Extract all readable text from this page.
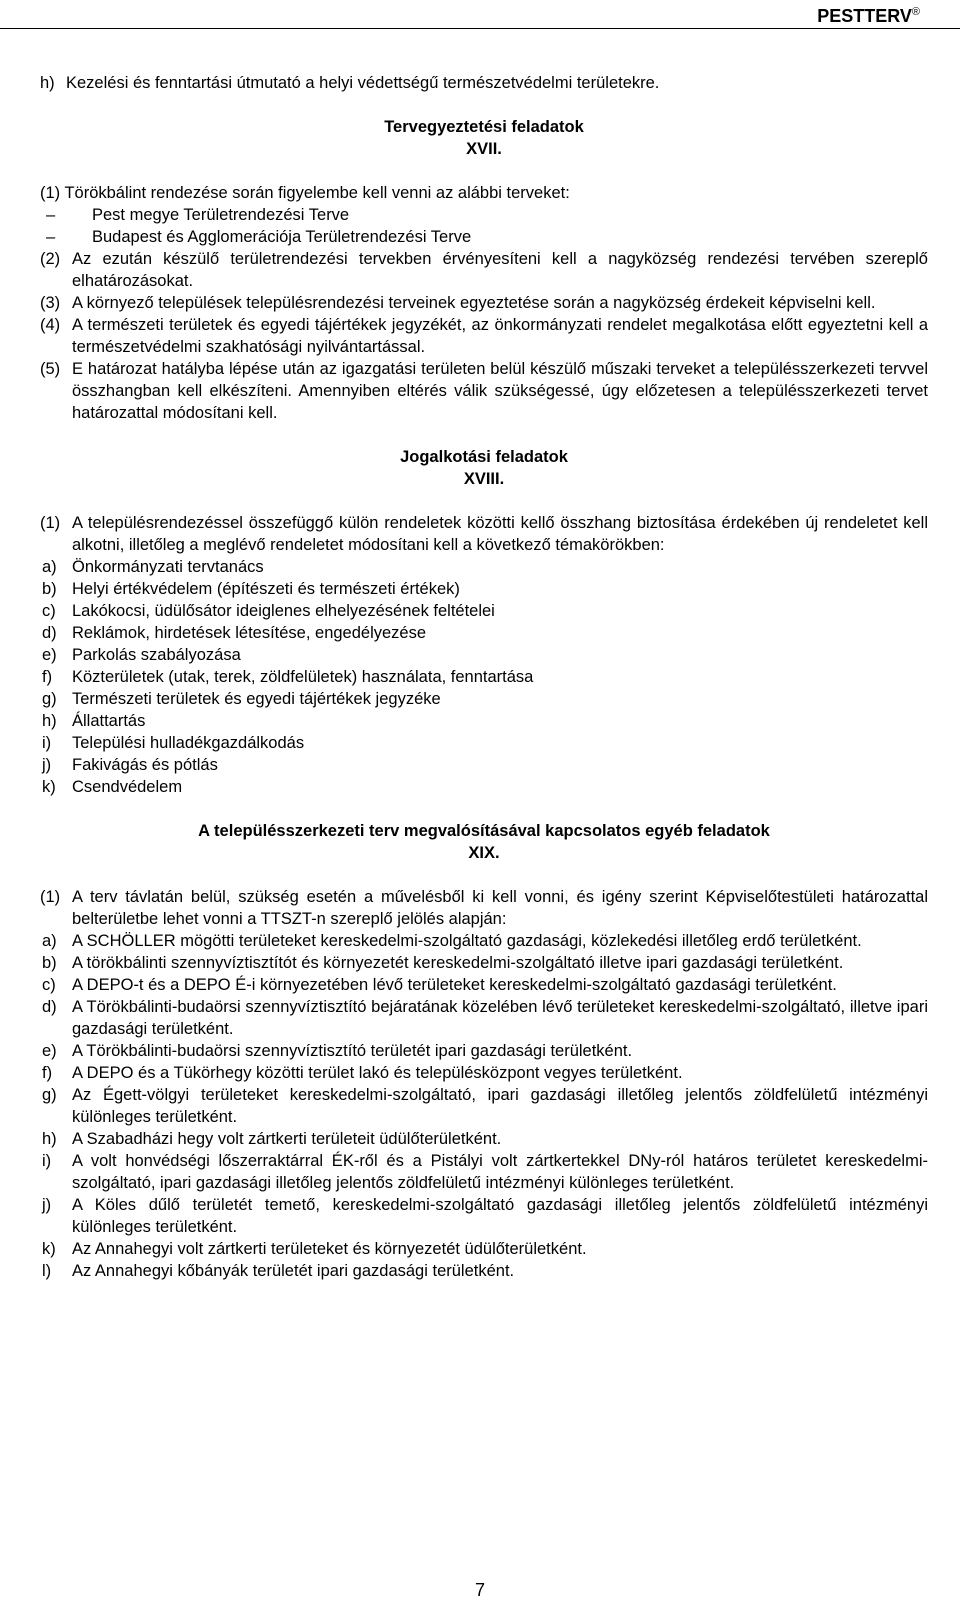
PESTTERV®
h) Kezelési és fenntartási útmutató a helyi védettségű természetvédelmi területekre.

Tervegyeztetési feladatok

XVII.

(1) Törökbálint rendezése során figyelembe kell venni az alábbi terveket:

–	Pest megye Területrendezési Terve
–	Budapest és Agglomerációja Területrendezési Terve
(2) Az ezután készülő területrendezési tervekben érvényesíteni kell a nagyközség rendezési tervében szereplő elhatározásokat.
(3) A környező települések településrendezési terveinek egyeztetése során a nagyközség érdekeit képviselni kell.
(4) A természeti területek és egyedi tájértékek jegyzékét, az önkormányzati rendelet megalkotása előtt egyeztetni kell a természetvédelmi szakhatósági nyilvántartással.
(5) E határozat hatályba lépése után az igazgatási területen belül készülő műszaki terveket a településszerkezeti tervvel összhangban kell elkészíteni. Amennyiben eltérés válik szükségessé, úgy előzetesen a településszerkezeti tervet határozattal módosítani kell.

Jogalkotási feladatok

XVIII.

(1) A településrendezéssel összefüggő külön rendeletek közötti kellő összhang biztosítása érdekében új rendeletet kell alkotni, illetőleg a meglévő rendeletet módosítani kell a következő témakörökben:
a) Önkormányzati tervtanács
b) Helyi értékvédelem (építészeti és természeti értékek)
c) Lakókocsi, üdülősátor ideiglenes elhelyezésének feltételei
d) Reklámok, hirdetések létesítése, engedélyezése
e) Parkolás szabályozása
f)	Közterületek (utak, terek, zöldfelületek) használata, fenntartása
g) Természeti területek és egyedi tájértékek jegyzéke
h) Állattartás
i)	Települési hulladékgazdálkodás
j)	Fakivágás és pótlás
k) Csendvédelem

A településszerkezeti terv megvalósításával kapcsolatos egyéb feladatok

XIX.

(1) A terv távlatán belül, szükség esetén a művelésből ki kell vonni, és igény szerint Képviselőtestületi határozattal belterületbe lehet vonni a TTSZT-n szereplő jelölés alapján:
a) A SCHÖLLER mögötti területeket kereskedelmi-szolgáltató gazdasági, közlekedési illetőleg erdő területként.
b) A törökbálinti szennyvíztisztítót és környezetét kereskedelmi-szolgáltató illetve ipari gazdasági területként.
c) A DEPO-t és a DEPO É-i környezetében lévő területeket kereskedelmi-szolgáltató gazdasági területként.
d) A Törökbálinti-budaörsi szennyvíztisztító bejáratának közelében lévő területeket kereskedelmi-szolgáltató, illetve ipari gazdasági területként.
e) A Törökbálinti-budaörsi szennyvíztisztító területét ipari gazdasági területként.
f)	A DEPO és a Tükörhegy közötti terület lakó és településközpont vegyes területként.
g) Az Égett-völgyi területeket kereskedelmi-szolgáltató, ipari gazdasági illetőleg jelentős zöldfelületű intézményi különleges területként.
h) A Szabadházi hegy volt zártkerti területeit üdülőterületként.
i)	A volt honvédségi lőszerraktárral ÉK-ről és a Pistályi volt zártkertekkel DNy-ról határos területet kereskedelmi-szolgáltató, ipari gazdasági illetőleg jelentős zöldfelületű intézményi különleges területként.
j)	A Köles dűlő területét temető, kereskedelmi-szolgáltató gazdasági illetőleg jelentős zöldfelületű intézményi különleges területként.
k) Az Annahegyi volt zártkerti területeket és környezetét üdülőterületként.
l)	Az Annahegyi kőbányák területét ipari gazdasági területként.
7
